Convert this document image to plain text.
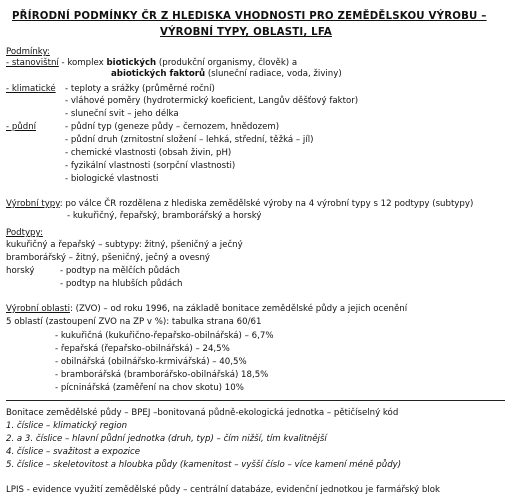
PŘÍRODNÍ PODMÍNKY ČR Z HLEDISKA VHODNOSTI PRO ZEMĚDĚLSKOU VÝROBU –
VÝROBNÍ TYPY, OBLASTI, LFA
Podmínky:
- stanovištní - komplex biotických (produkční organismy, člověk) a
abiotických faktorů (sluneční radiace, voda, živiny)
- klimatické - teploty a srážky (průměrné roční)
- vláhové poměry (hydrotermický koeficient, Langův děšťový faktor)
- sluneční svit – jeho délka
- půdní	- půdní typ (geneze půdy – černozem, hnědozem)
- půdní druh (zrnitostní složení – lehká, střední, těžká – jíl)
- chemické vlastnosti (obsah živin, pH)
- fyzikální vlastnosti (sorpční vlastnosti)
- biologické vlastnosti
Výrobní typy: po válce ČR rozdělena z hlediska zemědělské výroby na 4 výrobní typy s 12 podtypy (subtypy)
- kukuřičný, řepařský, bramborářský a horský
Podtypy:
kukuřičný a řepařský – subtypy: žitný, pšeničný a ječný
bramborářský – žitný, pšeničný, ječný a ovesný
horský	- podtyp na mělčích půdách
- podtyp na hlubších půdách
Výrobní oblasti: (ZVO) – od roku 1996, na základě bonitace zemědělské půdy a jejich ocenění
5 oblastí (zastoupení ZVO na ZP v %): tabulka strana 60/61
- kukuřičná (kukuřično-řepařsko-obilnářská) – 6,7%
- řepařská (řepařsko-obilnářská) – 24,5%
- obilnářská (obilnářsko-krmivářská) – 40,5%
- bramborářská (bramborářsko-obilnářská) 18,5%
- pícninářská (zaměření na chov skotu) 10%
Bonitace zemědělské půdy – BPEJ –bonitovaná půdně-ekologická jednotka – pětičíselný kód
1. číslice – klimatický region
2. a 3. číslice – hlavní půdní jednotka (druh, typ) – čím nižší, tím kvalitnější
4. číslice – svažitost a expozice
5. číslice – skeletovitost a hloubka půdy (kamenitost – vyšší číslo – více kamení méně půdy)
LPIS - evidence využití zemědělské půdy – centrální databáze, evidenční jednotkou je farmářský blok
